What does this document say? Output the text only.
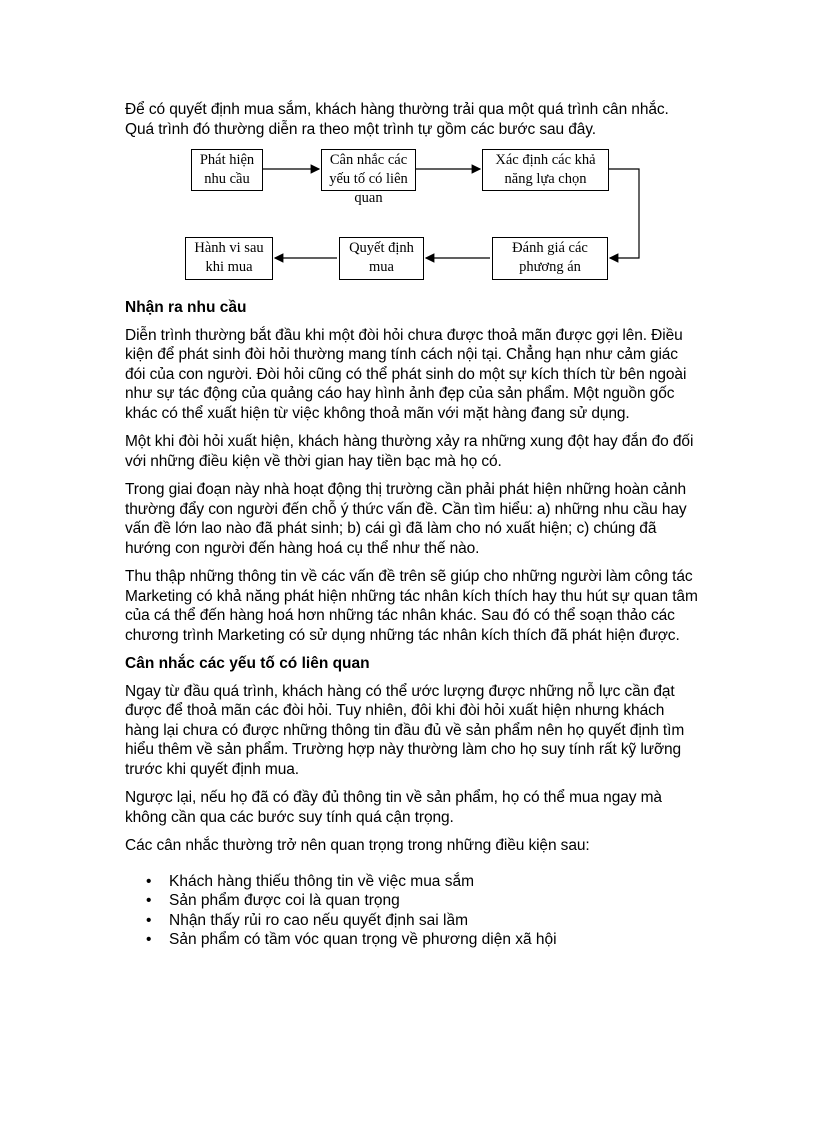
Để có quyết định mua sắm, khách hàng thường trải qua một quá trình cân nhắc. Quá trình đó thường diễn ra theo một trình tự gồm các bước sau đây.

Phát hiện nhu cầu
Cân nhắc các yếu tố có liên quan
Xác định các khả năng lựa chọn
Đánh giá các phương án
Quyết định mua
Hành vi sau khi mua
Nhận ra nhu cầu

Diễn trình thường bắt đầu khi một đòi hỏi chưa được thoả mãn được gợi lên. Điều kiện để phát sinh đòi hỏi thường mang tính cách nội tại. Chẳng hạn như cảm giác đói của con người. Đòi hỏi cũng có thể phát sinh do một sự kích thích từ bên ngoài như sự tác động của quảng cáo hay hình ảnh đẹp của sản phẩm. Một nguồn gốc khác có thể xuất hiện từ việc không thoả mãn với mặt hàng đang sử dụng.

Một khi đòi hỏi xuất hiện, khách hàng thường xảy ra những xung đột hay đắn đo đối với những điều kiện về thời gian hay tiền bạc mà họ có.

Trong giai đoạn này nhà hoạt động thị trường cần phải phát hiện những hoàn cảnh thường đẩy con người đến chỗ ý thức vấn đề. Cần tìm hiểu: a) những nhu cầu hay vấn đề lớn lao nào đã phát sinh; b) cái gì đã làm cho nó xuất hiện; c) chúng đã hướng con người đến hàng hoá cụ thể như thế nào.

Thu thập những thông tin về các vấn đề trên sẽ giúp cho những người làm công tác Marketing có khả năng phát hiện những tác nhân kích thích hay thu hút sự quan tâm của cá thể đến hàng hoá hơn những tác nhân khác. Sau đó có thể soạn thảo các chương trình Marketing có sử dụng những tác nhân kích thích đã phát hiện được.

Cân nhắc các yếu tố có liên quan

Ngay từ đầu quá trình, khách hàng có thể ước lượng được những nỗ lực cần đạt được để thoả mãn các đòi hỏi. Tuy nhiên, đôi khi đòi hỏi xuất hiện nhưng khách hàng lại chưa có được những thông tin đầu đủ về sản phẩm nên họ quyết định tìm hiểu thêm về sản phẩm. Trường hợp này thường làm cho họ suy tính rất kỹ lưỡng trước khi quyết định mua.

Ngược lại, nếu họ đã có đầy đủ thông tin về sản phẩm, họ có thể mua ngay mà không cần qua các bước suy tính quá cận trọng.

Các cân nhắc thường trở nên quan trọng trong những điều kiện sau:

• Khách hàng thiếu thông tin về việc mua sắm
• Sản phẩm được coi là quan trọng
• Nhận thấy rủi ro cao nếu quyết định sai lầm
• Sản phẩm có tầm vóc quan trọng về phương diện xã hội
